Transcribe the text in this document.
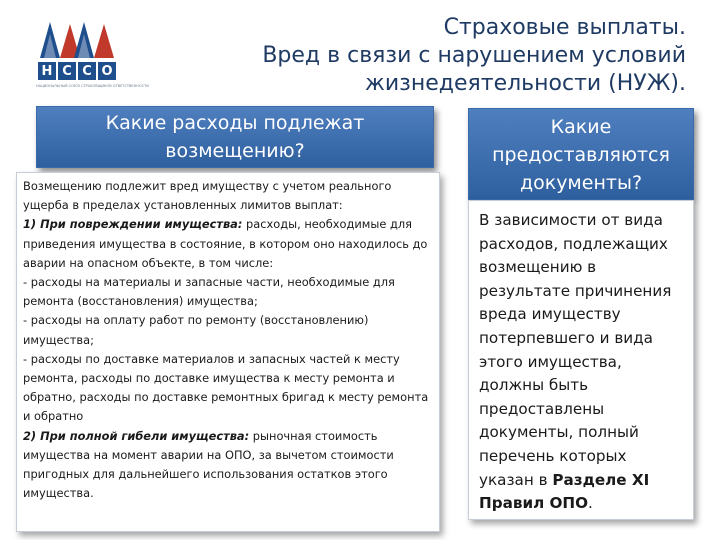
Н С С О
НАЦИОНАЛЬНЫЙ СОЮЗ СТРАХОВЩИКОВ ОТВЕТСТВЕННОСТИ
Страховые выплаты.
Вред в связи с нарушением условий
жизнедеятельности (НУЖ).
Какие расходы подлежат
возмещению?
Какие
предоставляются
документы?

Возмещению подлежит вред имуществу с учетом реального ущерба в пределах установленных лимитов выплат:

1) При повреждении имущества: расходы, необходимые для приведения имущества в состояние, в котором оно находилось до аварии на опасном объекте, в том числе:

- расходы на материалы и запасные части, необходимые для ремонта (восстановления) имущества;

- расходы на оплату работ по ремонту (восстановлению) имущества;

- расходы по доставке материалов и запасных частей к месту ремонта, расходы по доставке имущества к месту ремонта и обратно, расходы по доставке ремонтных бригад к месту ремонта и обратно

2) При полной гибели имущества: рыночная стоимость имущества на момент аварии на ОПО, за вычетом стоимости пригодных для дальнейшего использования остатков этого имущества.

В зависимости от вида расходов, подлежащих возмещению в результате причинения вреда имуществу потерпевшего и вида этого имущества, должны быть предоставлены документы, полный перечень которых указан в Разделе XI Правил ОПО.
